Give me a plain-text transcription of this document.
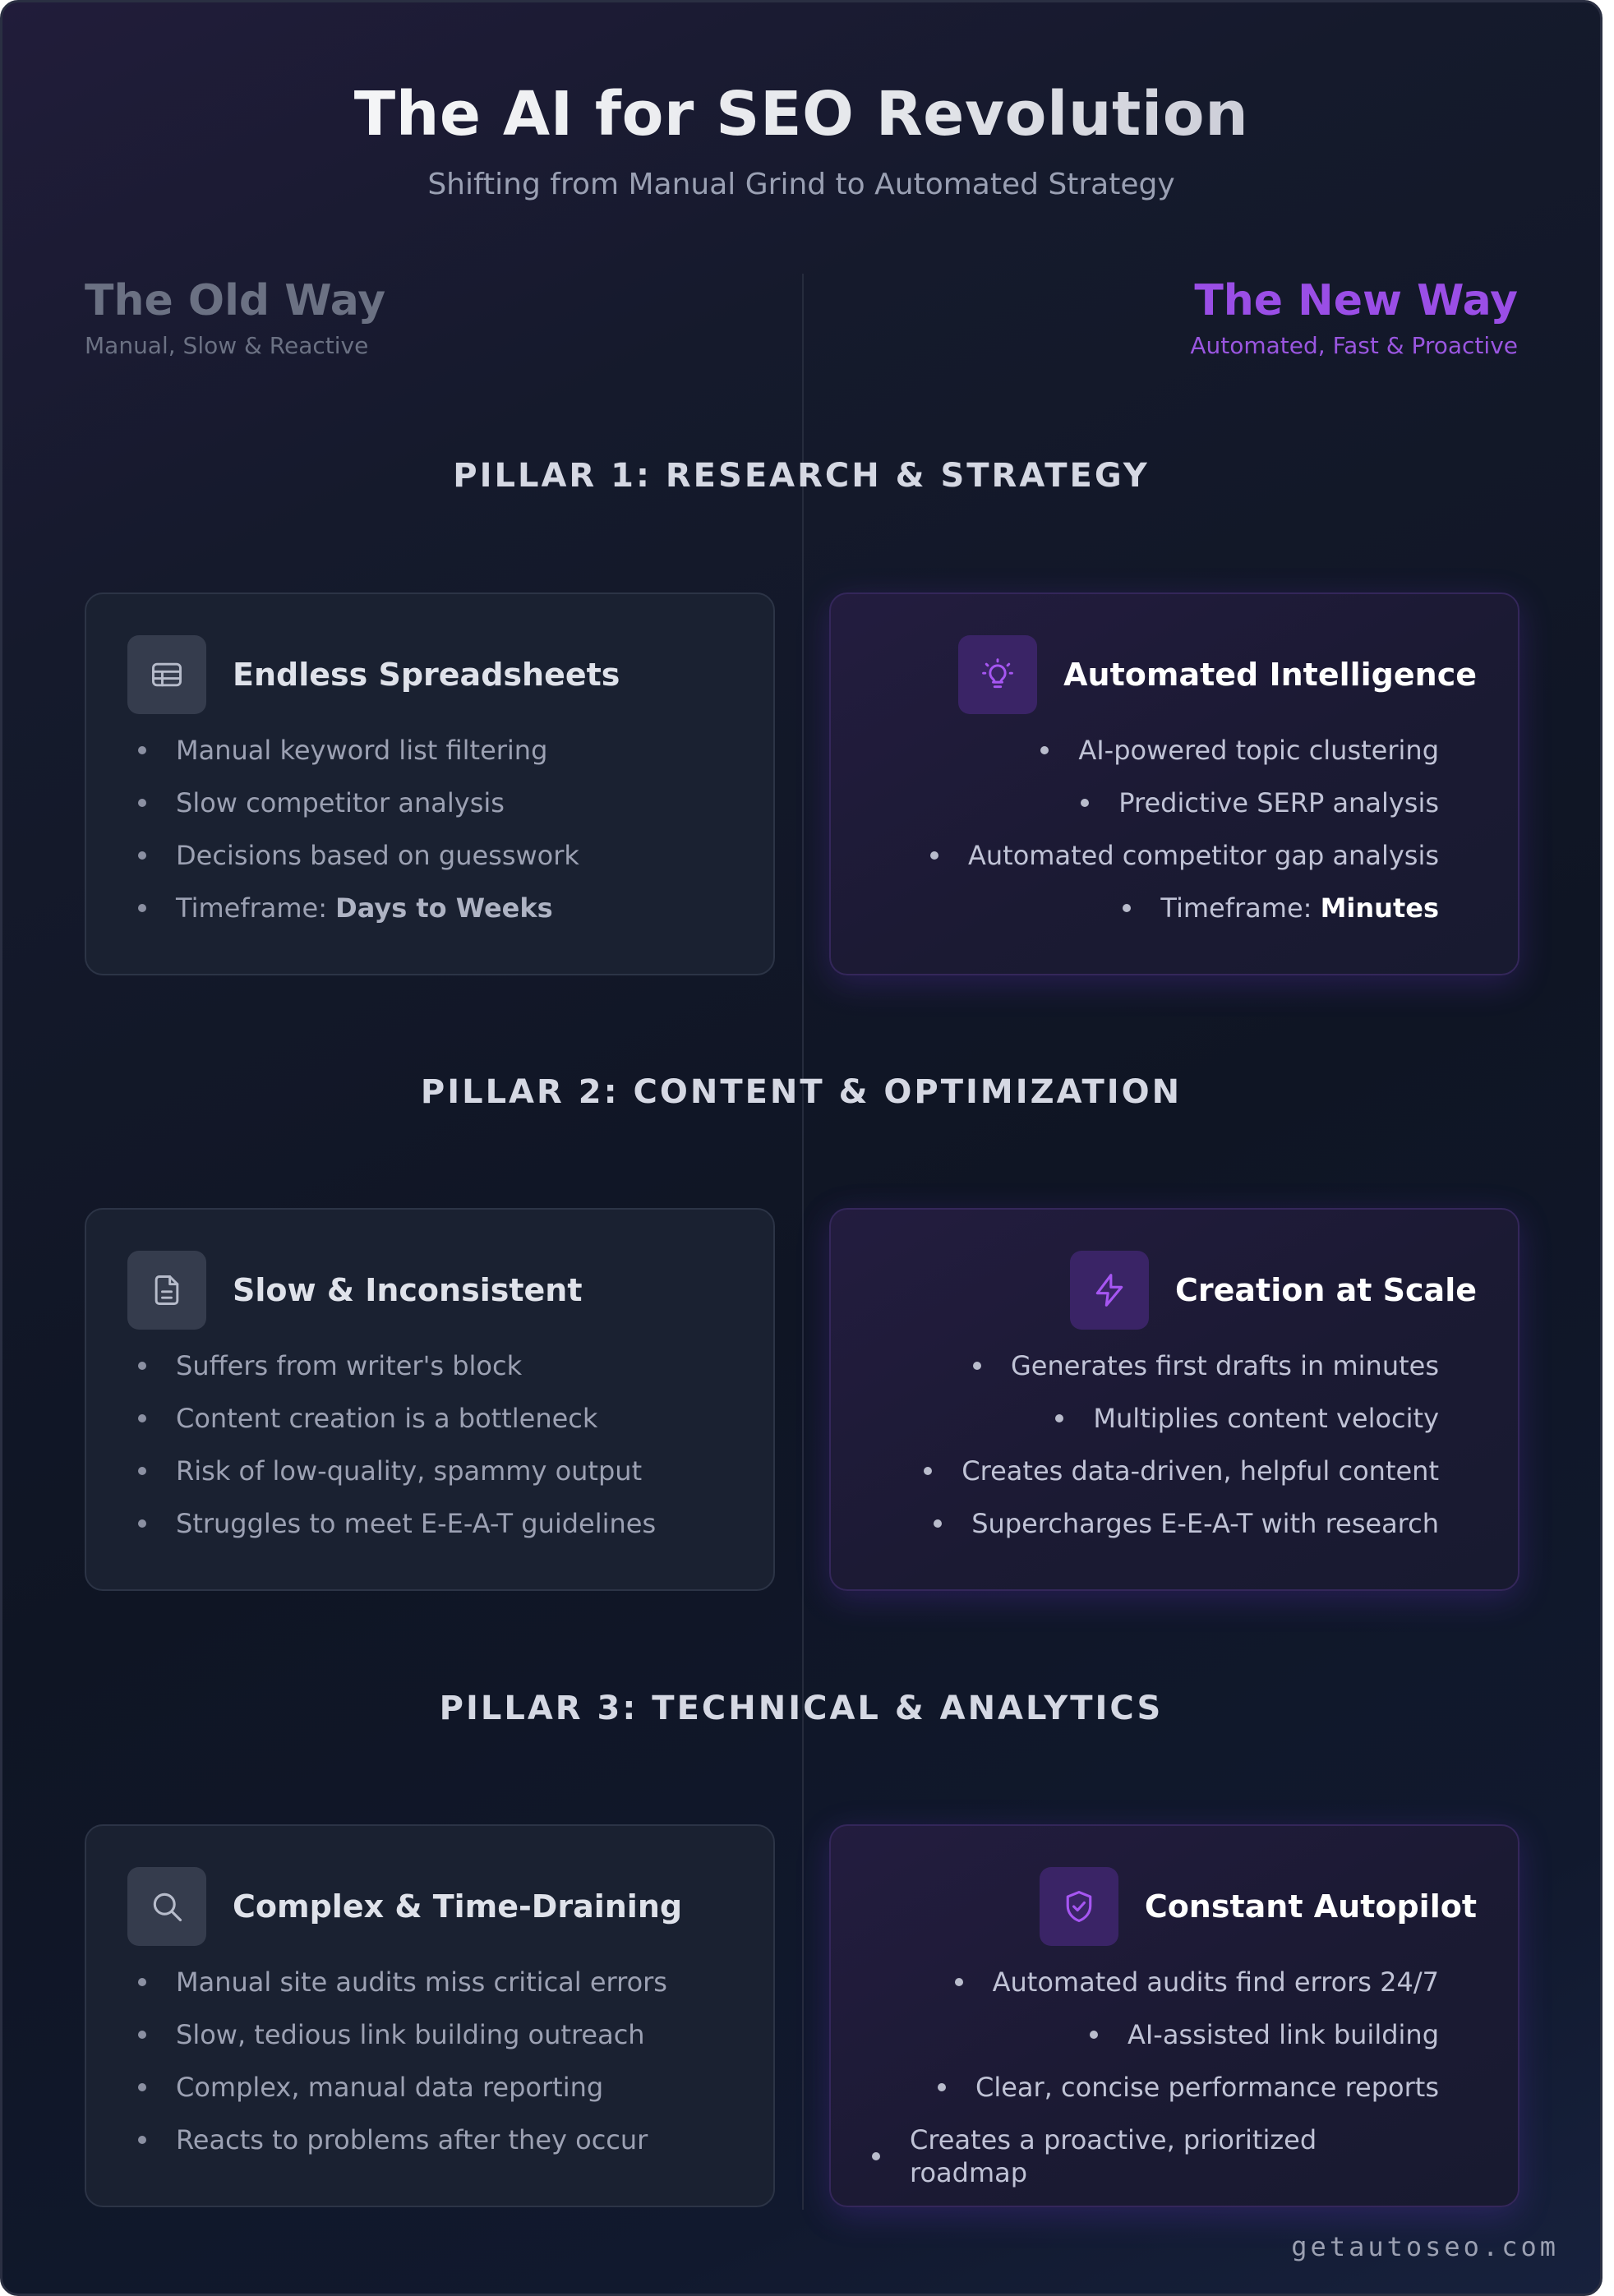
The AI for SEO Revolution
Shifting from Manual Grind to Automated Strategy
The Old Way
Manual, Slow & Reactive
The New Way
Automated, Fast & Proactive
PILLAR 1: RESEARCH & STRATEGY
Endless Spreadsheets
Manual keyword list filtering
Slow competitor analysis
Decisions based on guesswork
Timeframe: Days to Weeks
Automated Intelligence
AI-powered topic clustering
Predictive SERP analysis
Automated competitor gap analysis
Timeframe: Minutes
PILLAR 2: CONTENT & OPTIMIZATION
Slow & Inconsistent
Suffers from writer's block
Content creation is a bottleneck
Risk of low-quality, spammy output
Struggles to meet E-E-A-T guidelines
Creation at Scale
Generates first drafts in minutes
Multiplies content velocity
Creates data-driven, helpful content
Supercharges E-E-A-T with research
PILLAR 3: TECHNICAL & ANALYTICS
Complex & Time-Draining
Manual site audits miss critical errors
Slow, tedious link building outreach
Complex, manual data reporting
Reacts to problems after they occur
Constant Autopilot
Automated audits find errors 24/7
AI-assisted link building
Clear, concise performance reports
Creates a proactive, prioritized roadmap
getautoseo.com
